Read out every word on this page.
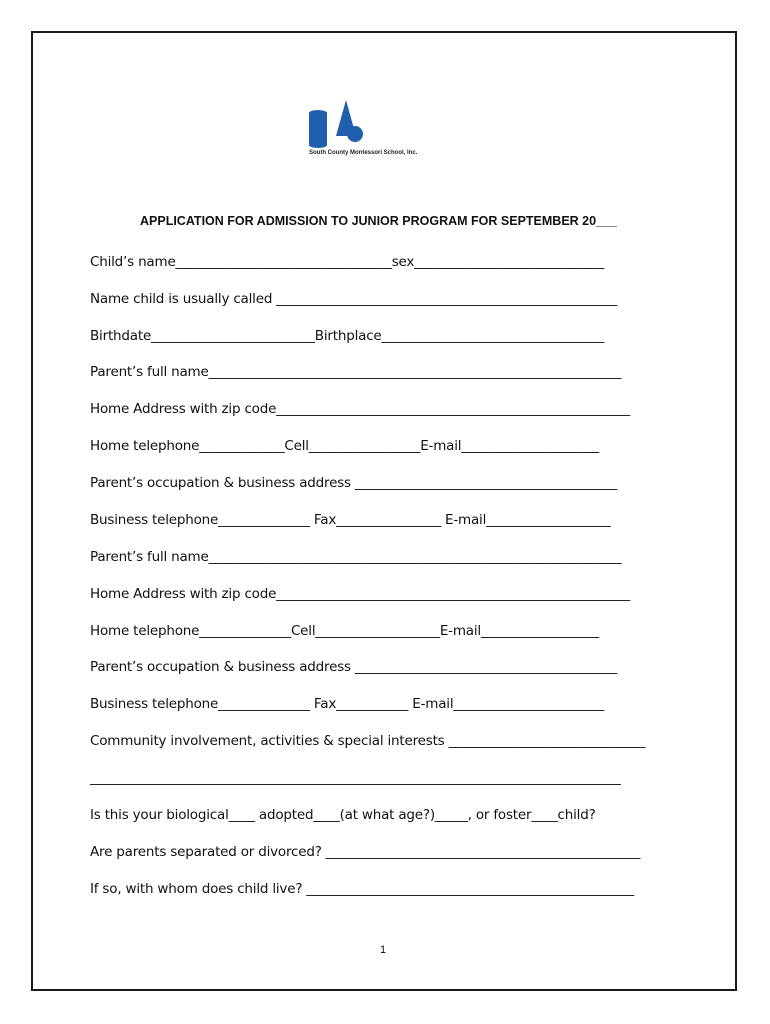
South County Montessori School, Inc.
APPLICATION FOR ADMISSION TO JUNIOR PROGRAM FOR SEPTEMBER 20___
Child’s name_________________________________sex_____________________________
Name child is usually called ____________________________________________________
Birthdate_________________________Birthplace__________________________________
Parent’s full name_______________________________________________________________
Home Address with zip code______________________________________________________
Home telephone_____________Cell_________________E-mail_____________________
Parent’s occupation & business address ________________________________________
Business telephone______________ Fax________________ E-mail___________________
Parent’s full name_______________________________________________________________
Home Address with zip code______________________________________________________
Home telephone______________Cell___________________E-mail__________________
Parent’s occupation & business address ________________________________________
Business telephone______________ Fax___________ E-mail_______________________
Community involvement, activities & special interests ______________________________
_________________________________________________________________________________
Is this your biological____ adopted____(at what age?)_____, or foster____child?
Are parents separated or divorced? ________________________________________________
If so, with whom does child live? __________________________________________________
1
